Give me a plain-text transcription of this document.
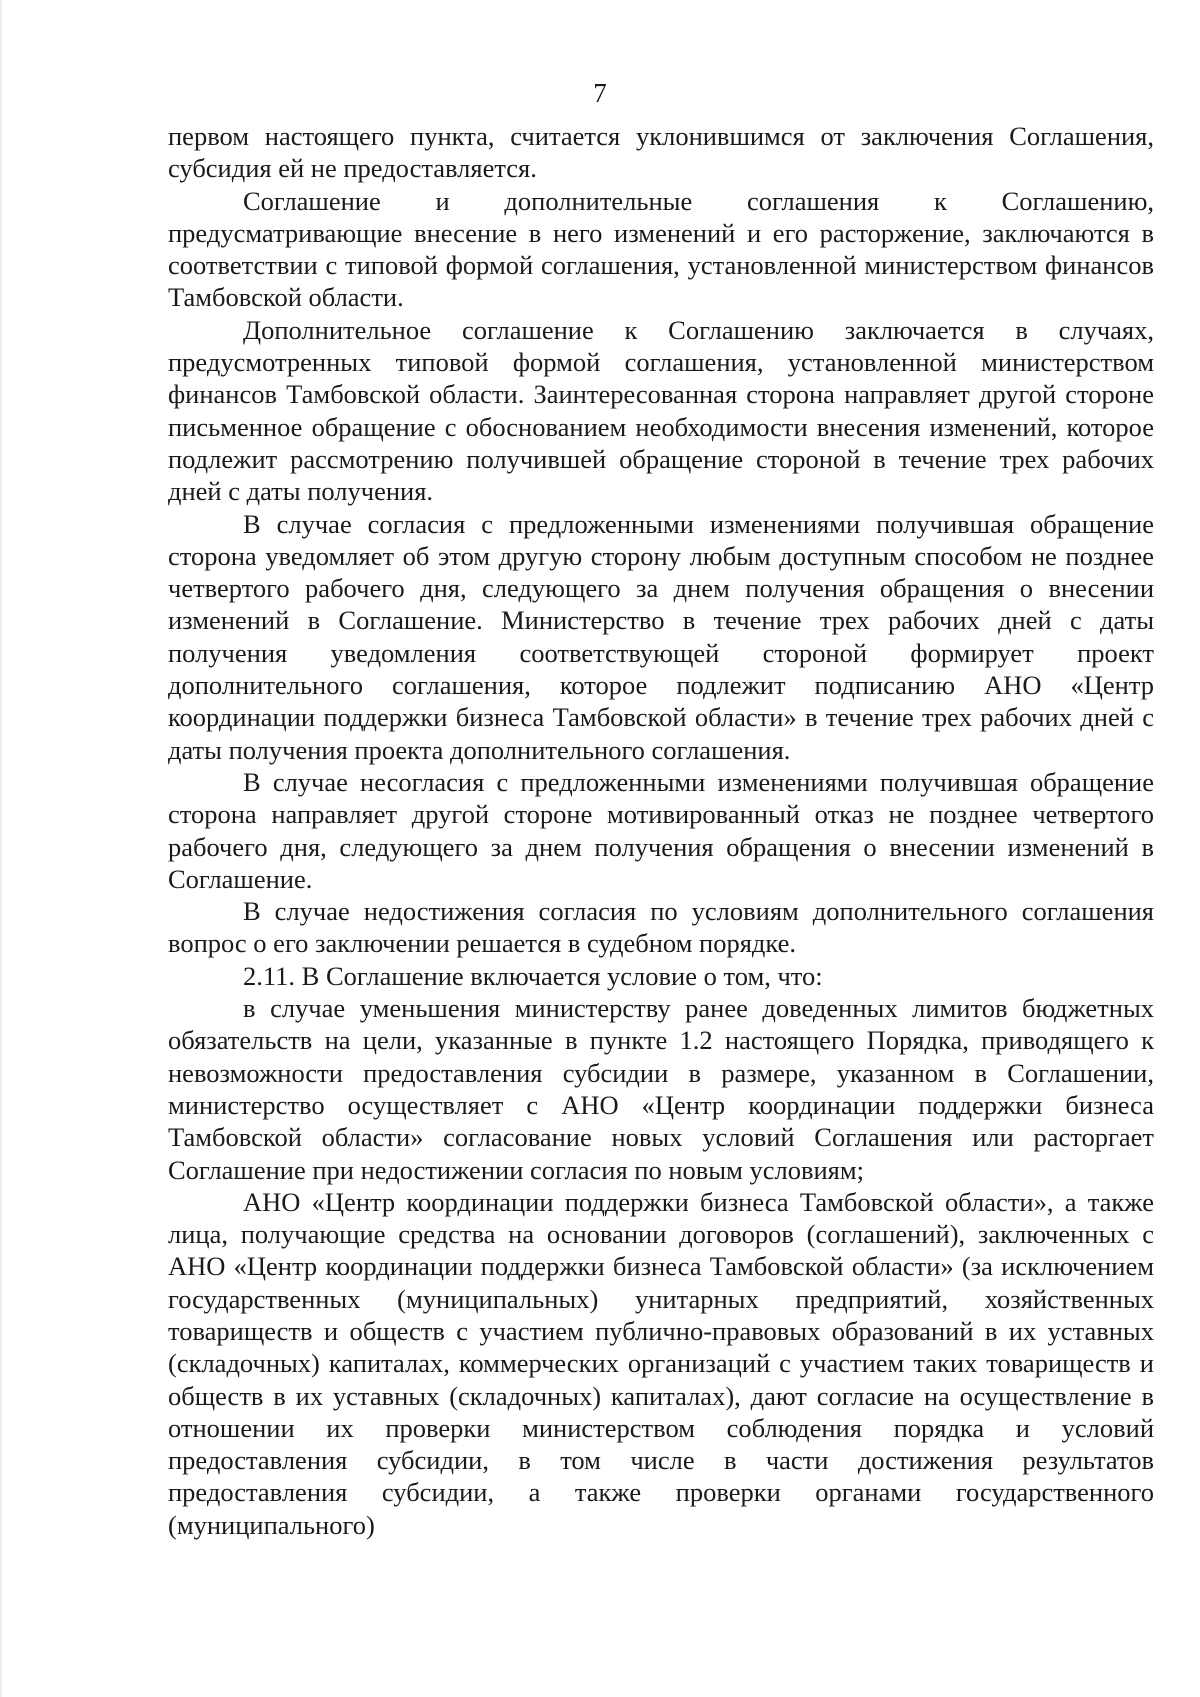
7

первом настоящего пункта, считается уклонившимся от заключения Соглашения, субсидия ей не предоставляется.

Соглашение и дополнительные соглашения к Соглашению, предусматривающие внесение в него изменений и его расторжение, заключаются в соответствии с типовой формой соглашения, установленной министерством финансов Тамбовской области.

Дополнительное соглашение к Соглашению заключается в случаях, предусмотренных типовой формой соглашения, установленной министерством финансов Тамбовской области. Заинтересованная сторона направляет другой стороне письменное обращение с обоснованием необходимости внесения изменений, которое подлежит рассмотрению получившей обращение стороной в течение трех рабочих дней с даты получения.

В случае согласия с предложенными изменениями получившая обращение сторона уведомляет об этом другую сторону любым доступным способом не позднее четвертого рабочего дня, следующего за днем получения обращения о внесении изменений в Соглашение. Министерство в течение трех рабочих дней с даты получения уведомления соответствующей стороной формирует проект дополнительного соглашения, которое подлежит подписанию АНО «Центр координации поддержки бизнеса Тамбовской области» в течение трех рабочих дней с даты получения проекта дополнительного соглашения.

В случае несогласия с предложенными изменениями получившая обращение сторона направляет другой стороне мотивированный отказ не позднее четвертого рабочего дня, следующего за днем получения обращения о внесении изменений в Соглашение.

В случае недостижения согласия по условиям дополнительного соглашения вопрос о его заключении решается в судебном порядке.

2.11. В Соглашение включается условие о том, что:

в случае уменьшения министерству ранее доведенных лимитов бюджетных обязательств на цели, указанные в пункте 1.2 настоящего Порядка, приводящего к невозможности предоставления субсидии в размере, указанном в Соглашении, министерство осуществляет с АНО «Центр координации поддержки бизнеса Тамбовской области» согласование новых условий Соглашения или расторгает Соглашение при недостижении согласия по новым условиям;

АНО «Центр координации поддержки бизнеса Тамбовской области», а также лица, получающие средства на основании договоров (соглашений), заключенных с АНО «Центр координации поддержки бизнеса Тамбовской области» (за исключением государственных (муниципальных) унитарных предприятий, хозяйственных товариществ и обществ с участием публично-правовых образований в их уставных (складочных) капиталах, коммерческих организаций с участием таких товариществ и обществ в их уставных (складочных) капиталах), дают согласие на осуществление в отношении их проверки министерством соблюдения порядка и условий предоставления субсидии, в том числе в части достижения результатов предоставления субсидии, а также проверки органами государственного (муниципального)
